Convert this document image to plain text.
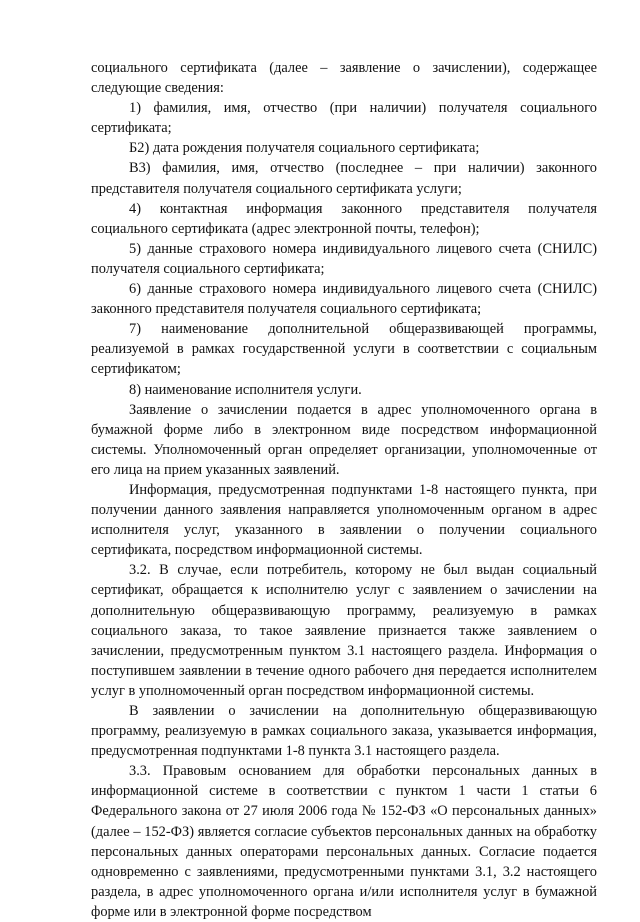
социального сертификата (далее – заявление о зачислении), содержащее следующие сведения:

1) фамилия, имя, отчество (при наличии) получателя социального сертификата;

Б2) дата рождения получателя социального сертификата;

В3) фамилия, имя, отчество (последнее – при наличии) законного представителя получателя социального сертификата услуги;

4) контактная информация законного представителя получателя социального сертификата (адрес электронной почты, телефон);

5) данные страхового номера индивидуального лицевого счета (СНИЛС) получателя социального сертификата;

6) данные страхового номера индивидуального лицевого счета (СНИЛС) законного представителя получателя социального сертификата;

7) наименование дополнительной общеразвивающей программы, реализуемой в рамках государственной услуги в соответствии с социальным сертификатом;

8) наименование исполнителя услуги.

Заявление о зачислении подается в адрес уполномоченного органа в бумажной форме либо в электронном виде посредством информационной системы. Уполномоченный орган определяет организации, уполномоченные от его лица на прием указанных заявлений.

Информация, предусмотренная подпунктами 1-8 настоящего пункта, при получении данного заявления направляется уполномоченным органом в адрес исполнителя услуг, указанного в заявлении о получении социального сертификата, посредством информационной системы.

3.2. В случае, если потребитель, которому не был выдан социальный сертификат, обращается к исполнителю услуг с заявлением о зачислении на дополнительную общеразвивающую программу, реализуемую в рамках социального заказа, то такое заявление признается также заявлением о зачислении, предусмотренным пунктом 3.1 настоящего раздела. Информация о поступившем заявлении в течение одного рабочего дня передается исполнителем услуг в уполномоченный орган посредством информационной системы.

В заявлении о зачислении на дополнительную общеразвивающую программу, реализуемую в рамках социального заказа, указывается информация, предусмотренная подпунктами 1-8 пункта 3.1 настоящего раздела.

3.3. Правовым основанием для обработки персональных данных в информационной системе в соответствии с пунктом 1 части 1 статьи 6 Федерального закона от 27 июля 2006 года № 152-ФЗ «О персональных данных» (далее – 152-ФЗ) является согласие субъектов персональных данных на обработку персональных данных операторами персональных данных. Согласие подается одновременно с заявлениями, предусмотренными пунктами 3.1, 3.2 настоящего раздела, в адрес уполномоченного органа и/или исполнителя услуг в бумажной форме или в электронной форме посредством
